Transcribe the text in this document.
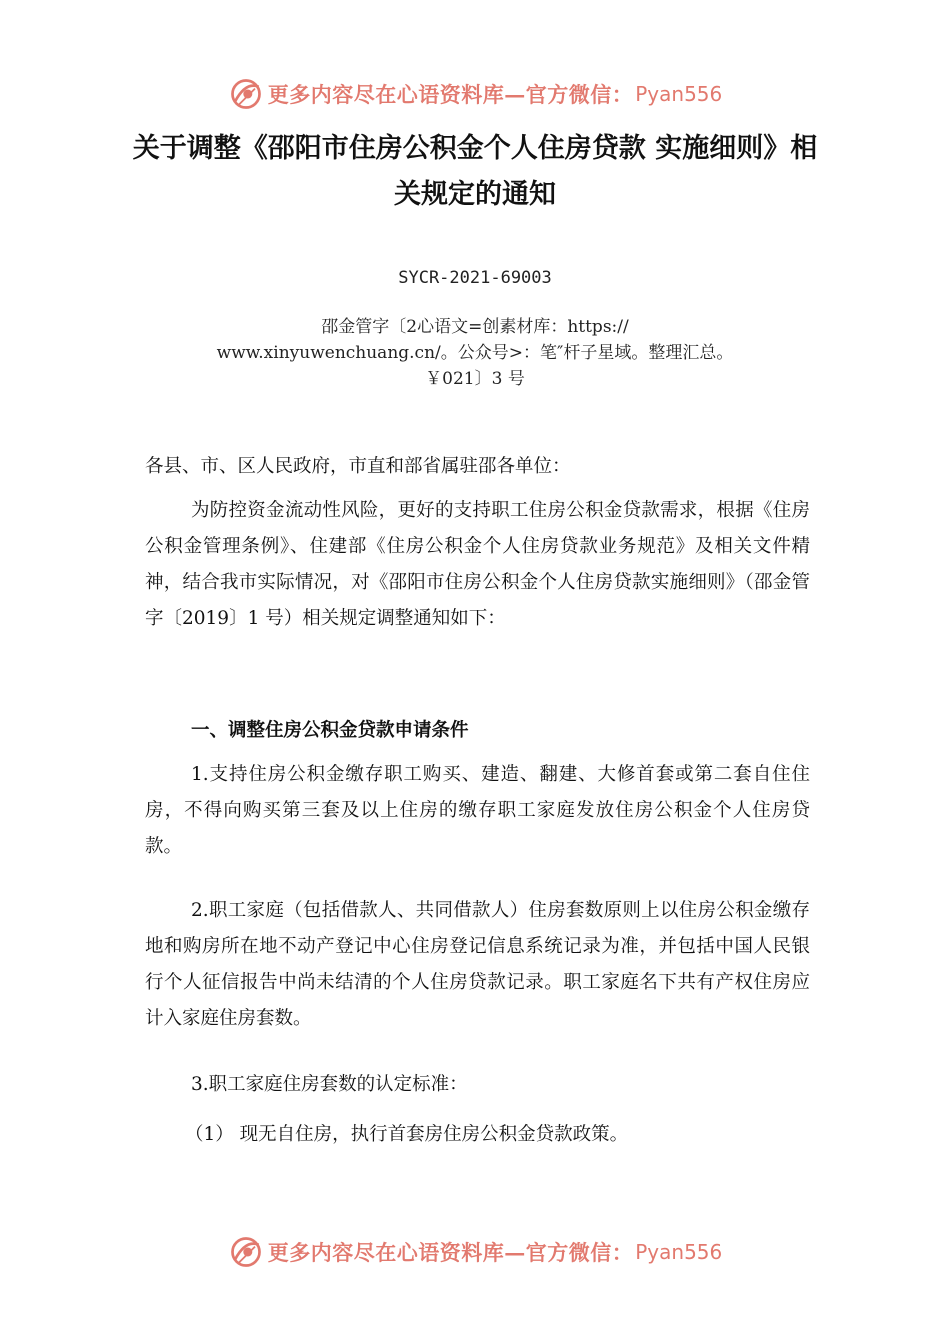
更多内容尽在心语资料库—官方微信： Pyan556
关于调整《邵阳市住房公积金个人住房贷款 实施细则》相关规定的通知
SYCR-2021-69003
邵金管字〔2心语文=创素材库：https://
www.xinyuwenchuang.cn/。公众号>：笔″杆子星域。整理汇总。
￥021〕3 号

各县、市、区人民政府，市直和部省属驻邵各单位：

为防控资金流动性风险，更好的支持职工住房公积金贷款需求，根据《住房公积金管理条例》、住建部《住房公积金个人住房贷款业务规范》及相关文件精神，结合我市实际情况，对《邵阳市住房公积金个人住房贷款实施细则》（邵金管字〔2019〕1 号）相关规定调整通知如下：

一、调整住房公积金贷款申请条件

1.支持住房公积金缴存职工购买、建造、翻建、大修首套或第二套自住住房，不得向购买第三套及以上住房的缴存职工家庭发放住房公积金个人住房贷款。

2.职工家庭（包括借款人、共同借款人）住房套数原则上以住房公积金缴存地和购房所在地不动产登记中心住房登记信息系统记录为准，并包括中国人民银行个人征信报告中尚未结清的个人住房贷款记录。职工家庭名下共有产权住房应计入家庭住房套数。

3.职工家庭住房套数的认定标准：

（1） 现无自住房，执行首套房住房公积金贷款政策。

更多内容尽在心语资料库—官方微信： Pyan556
